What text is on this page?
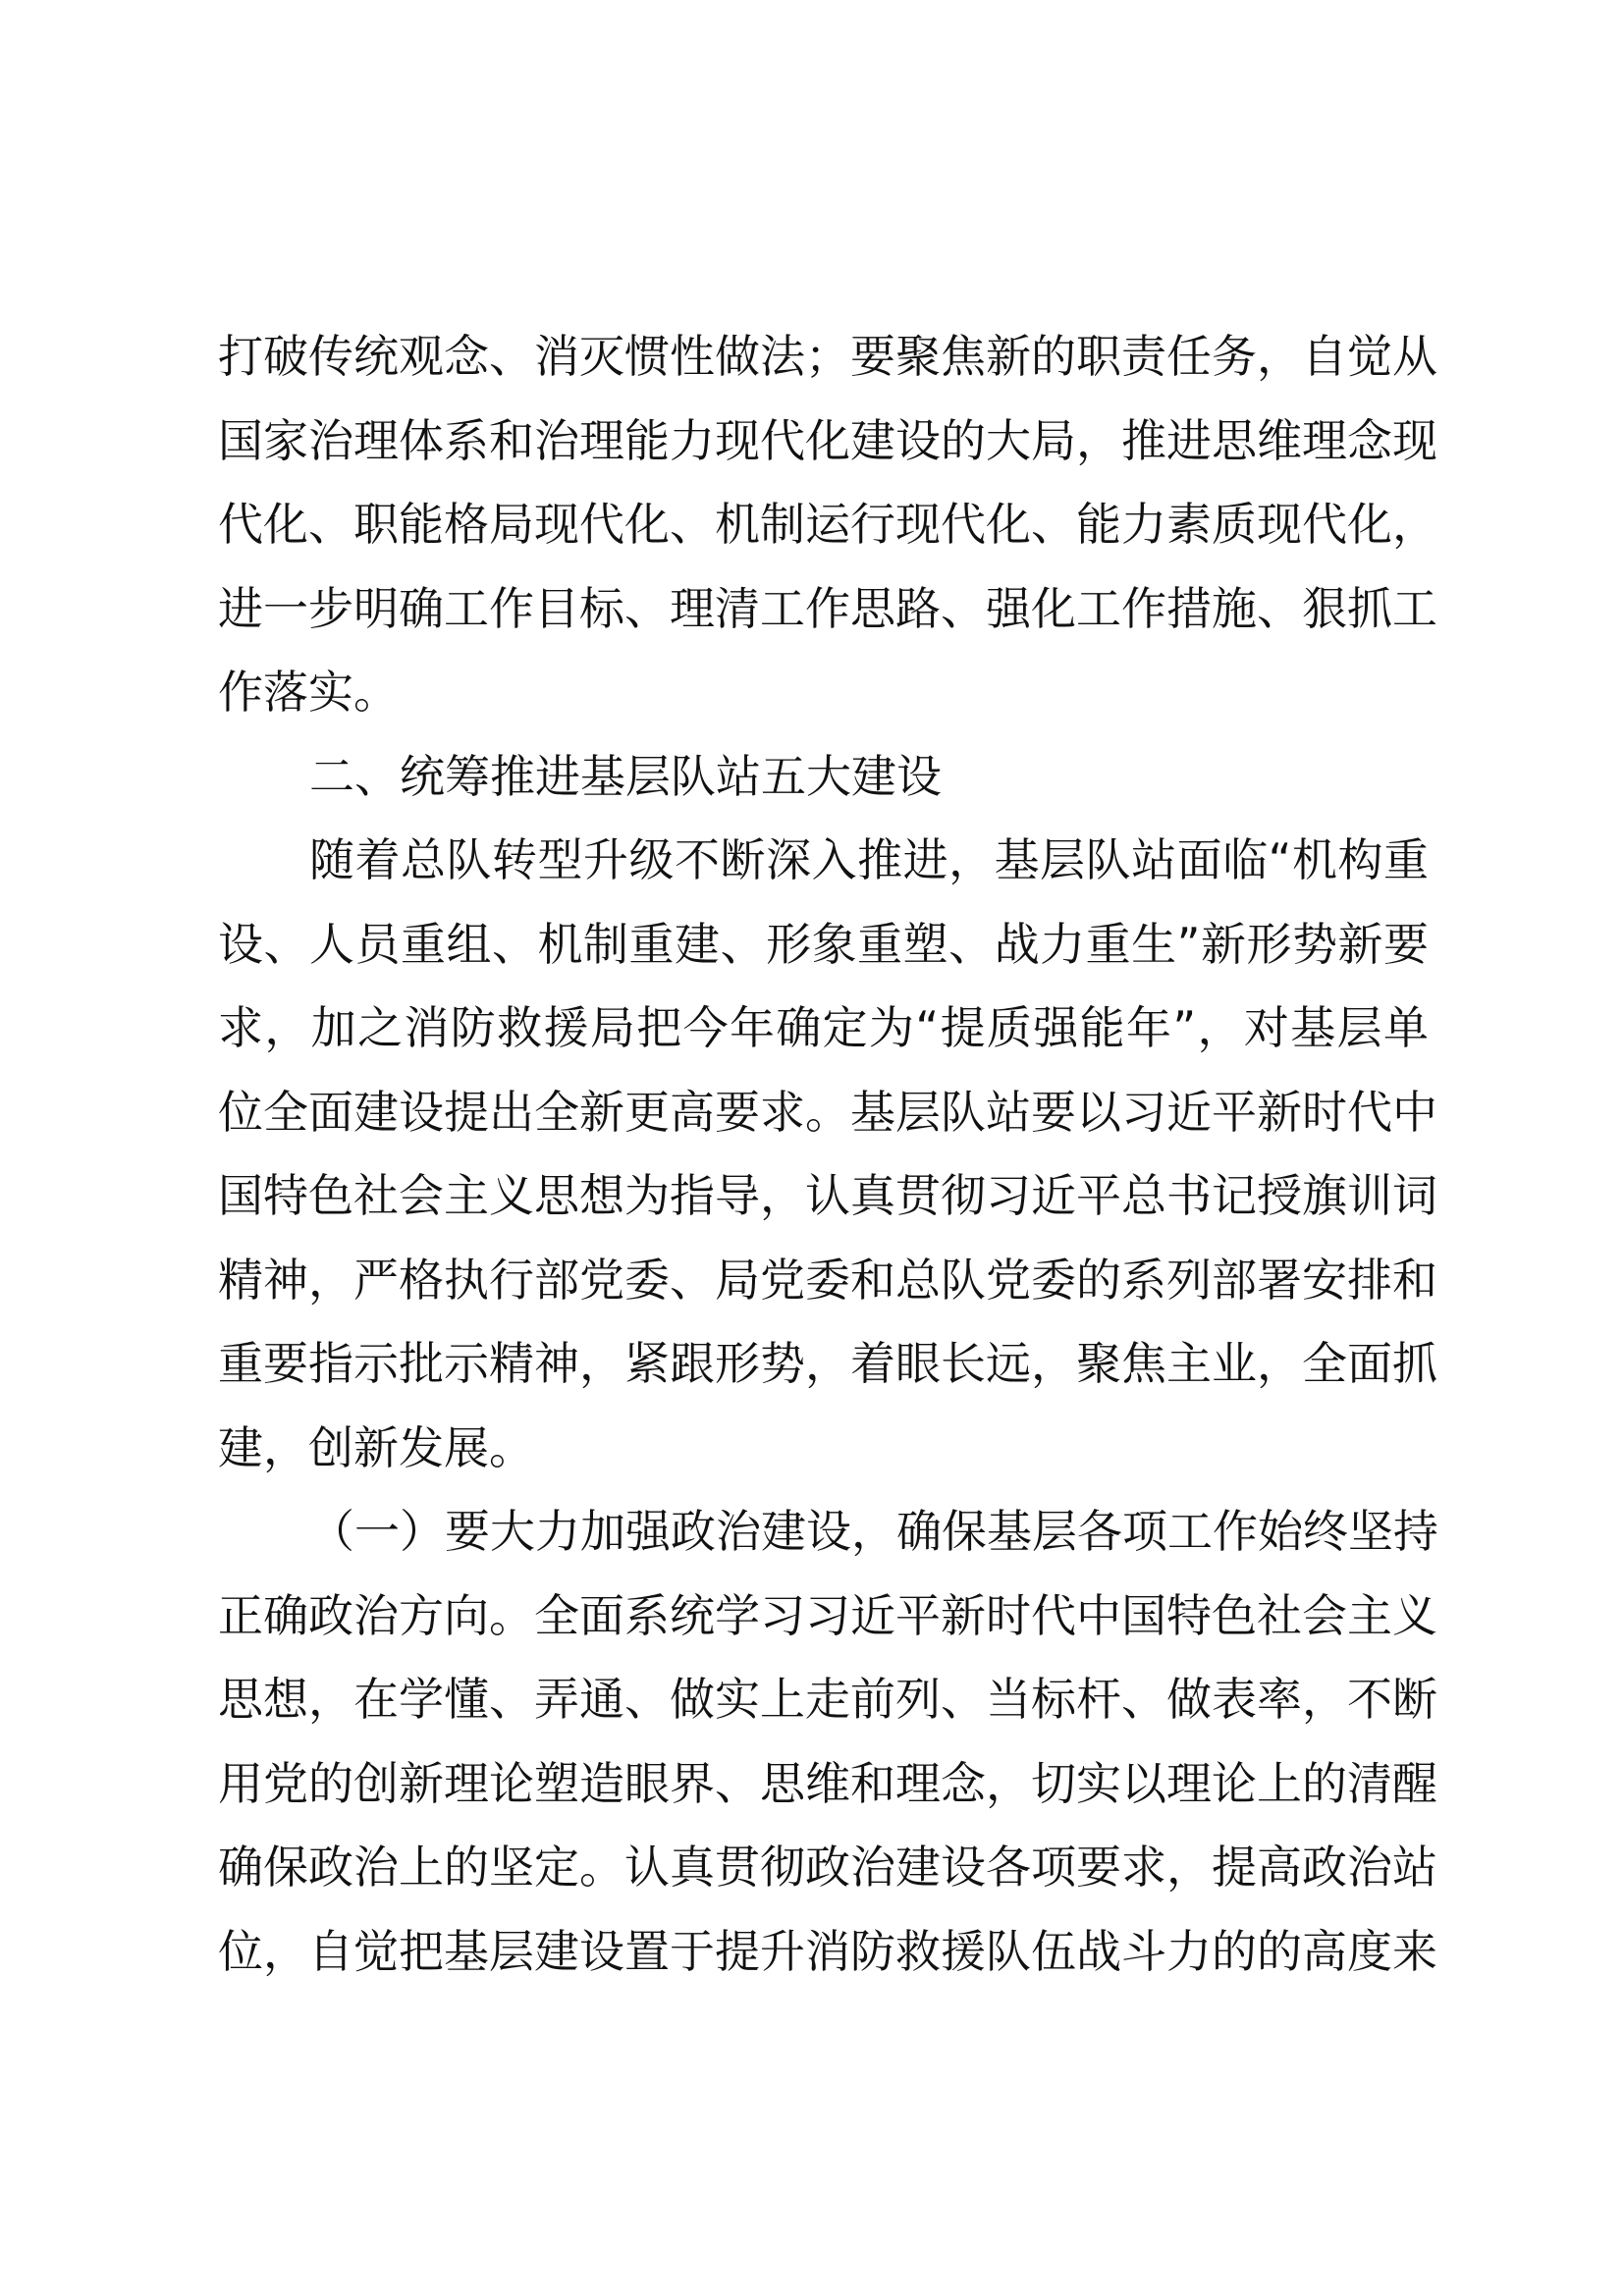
打破传统观念、消灭惯性做法；要聚焦新的职责任务，自觉从
国家治理体系和治理能力现代化建设的大局，推进思维理念现
代化、职能格局现代化、机制运行现代化、能力素质现代化，
进一步明确工作目标、理清工作思路、强化工作措施、狠抓工
作落实。
二、统筹推进基层队站五大建设
随着总队转型升级不断深入推进，基层队站面临“机构重
设、人员重组、机制重建、形象重塑、战力重生”新形势新要
求，加之消防救援局把今年确定为“提质强能年”，对基层单
位全面建设提出全新更高要求。基层队站要以习近平新时代中
国特色社会主义思想为指导，认真贯彻习近平总书记授旗训词
精神，严格执行部党委、局党委和总队党委的系列部署安排和
重要指示批示精神，紧跟形势，着眼长远，聚焦主业，全面抓
建，创新发展。
（一）要大力加强政治建设，确保基层各项工作始终坚持
正确政治方向。全面系统学习习近平新时代中国特色社会主义
思想，在学懂、弄通、做实上走前列、当标杆、做表率，不断
用党的创新理论塑造眼界、思维和理念，切实以理论上的清醒
确保政治上的坚定。认真贯彻政治建设各项要求，提高政治站
位，自觉把基层建设置于提升消防救援队伍战斗力的的高度来
